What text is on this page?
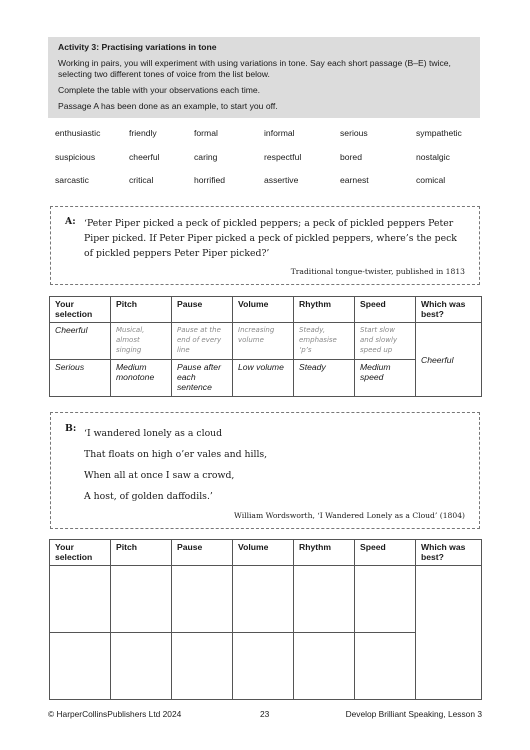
Activity 3: Practising variations in tone

Working in pairs, you will experiment with using variations in tone. Say each short passage (B–E) twice, selecting two different tones of voice from the list below.

Complete the table with your observations each time.

Passage A has been done as an example, to start you off.

enthusiastic	friendly	formal	informal	serious	sympathetic
suspicious	cheerful	caring	respectful	bored	nostalgic
sarcastic	critical	horrified	assertive	earnest	comical
A: ‘Peter Piper picked a peck of pickled peppers; a peck of pickled peppers Peter Piper picked. If Peter Piper picked a peck of pickled peppers, where’s the peck of pickled peppers Peter Piper picked?’
Traditional tongue-twister, published in 1813
Your selection	Pitch	Pause	Volume	Rhythm	Speed	Which was best?
Cheerful	Musical, almost singing	Pause at the end of every line	Increasing volume	Steady, emphasise ‘p’s	Start slow and slowly speed up	Cheerful
Serious	Medium monotone	Pause after each sentence	Low volume	Steady	Medium speed	
B: ‘I wandered lonely as a cloud
That floats on high o’er vales and hills,
When all at once I saw a crowd,
A host, of golden daffodils.’
William Wordsworth, ‘I Wandered Lonely as a Cloud’ (1804)
Your selection	Pitch	Pause	Volume	Rhythm	Speed	Which was best?

© HarperCollinsPublishers Ltd 2024	23	Develop Brilliant Speaking, Lesson 3
